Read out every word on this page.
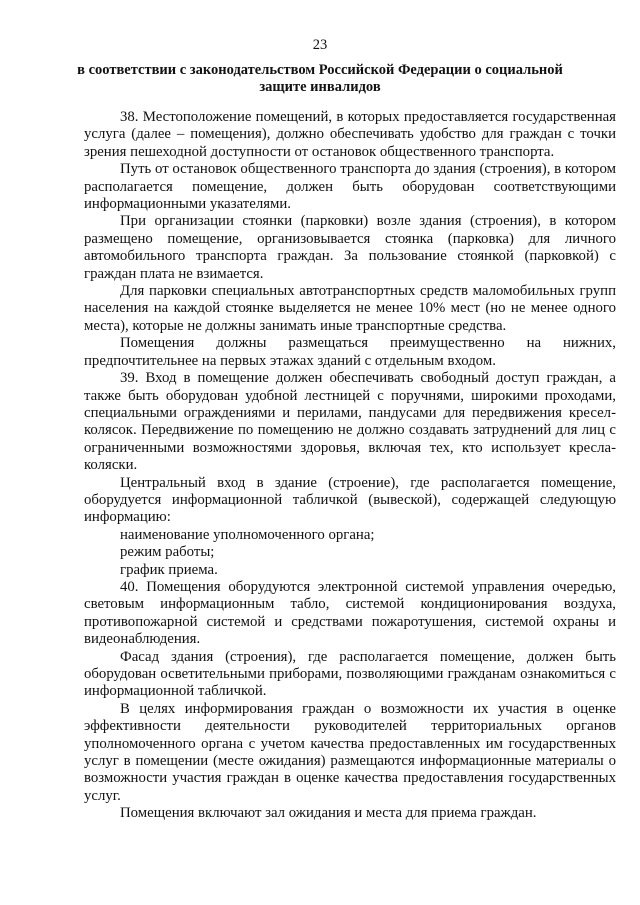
23
в соответствии с законодательством Российской Федерации о социальной защите инвалидов

38. Местоположение помещений, в которых предоставляется государственная услуга (далее – помещения), должно обеспечивать удобство для граждан с точки зрения пешеходной доступности от остановок общественного транспорта.

Путь от остановок общественного транспорта до здания (строения), в котором располагается помещение, должен быть оборудован соответствующими информационными указателями.

При организации стоянки (парковки) возле здания (строения), в котором размещено помещение, организовывается стоянка (парковка) для личного автомобильного транспорта граждан. За пользование стоянкой (парковкой) с граждан плата не взимается.

Для парковки специальных автотранспортных средств маломобильных групп населения на каждой стоянке выделяется не менее 10% мест (но не менее одного места), которые не должны занимать иные транспортные средства.

Помещения должны размещаться преимущественно на нижних, предпочтительнее на первых этажах зданий с отдельным входом.

39. Вход в помещение должен обеспечивать свободный доступ граждан, а также быть оборудован удобной лестницей с поручнями, широкими проходами, специальными ограждениями и перилами, пандусами для передвижения кресел-колясок. Передвижение по помещению не должно создавать затруднений для лиц с ограниченными возможностями здоровья, включая тех, кто использует кресла-коляски.

Центральный вход в здание (строение), где располагается помещение, оборудуется информационной табличкой (вывеской), содержащей следующую информацию:

наименование уполномоченного органа;

режим работы;

график приема.

40. Помещения оборудуются электронной системой управления очередью, световым информационным табло, системой кондиционирования воздуха, противопожарной системой и средствами пожаротушения, системой охраны и видеонаблюдения.

Фасад здания (строения), где располагается помещение, должен быть оборудован осветительными приборами, позволяющими гражданам ознакомиться с информационной табличкой.

В целях информирования граждан о возможности их участия в оценке эффективности деятельности руководителей территориальных органов уполномоченного органа с учетом качества предоставленных им государственных услуг в помещении (месте ожидания) размещаются информационные материалы о возможности участия граждан в оценке качества предоставления государственных услуг.

Помещения включают зал ожидания и места для приема граждан.
